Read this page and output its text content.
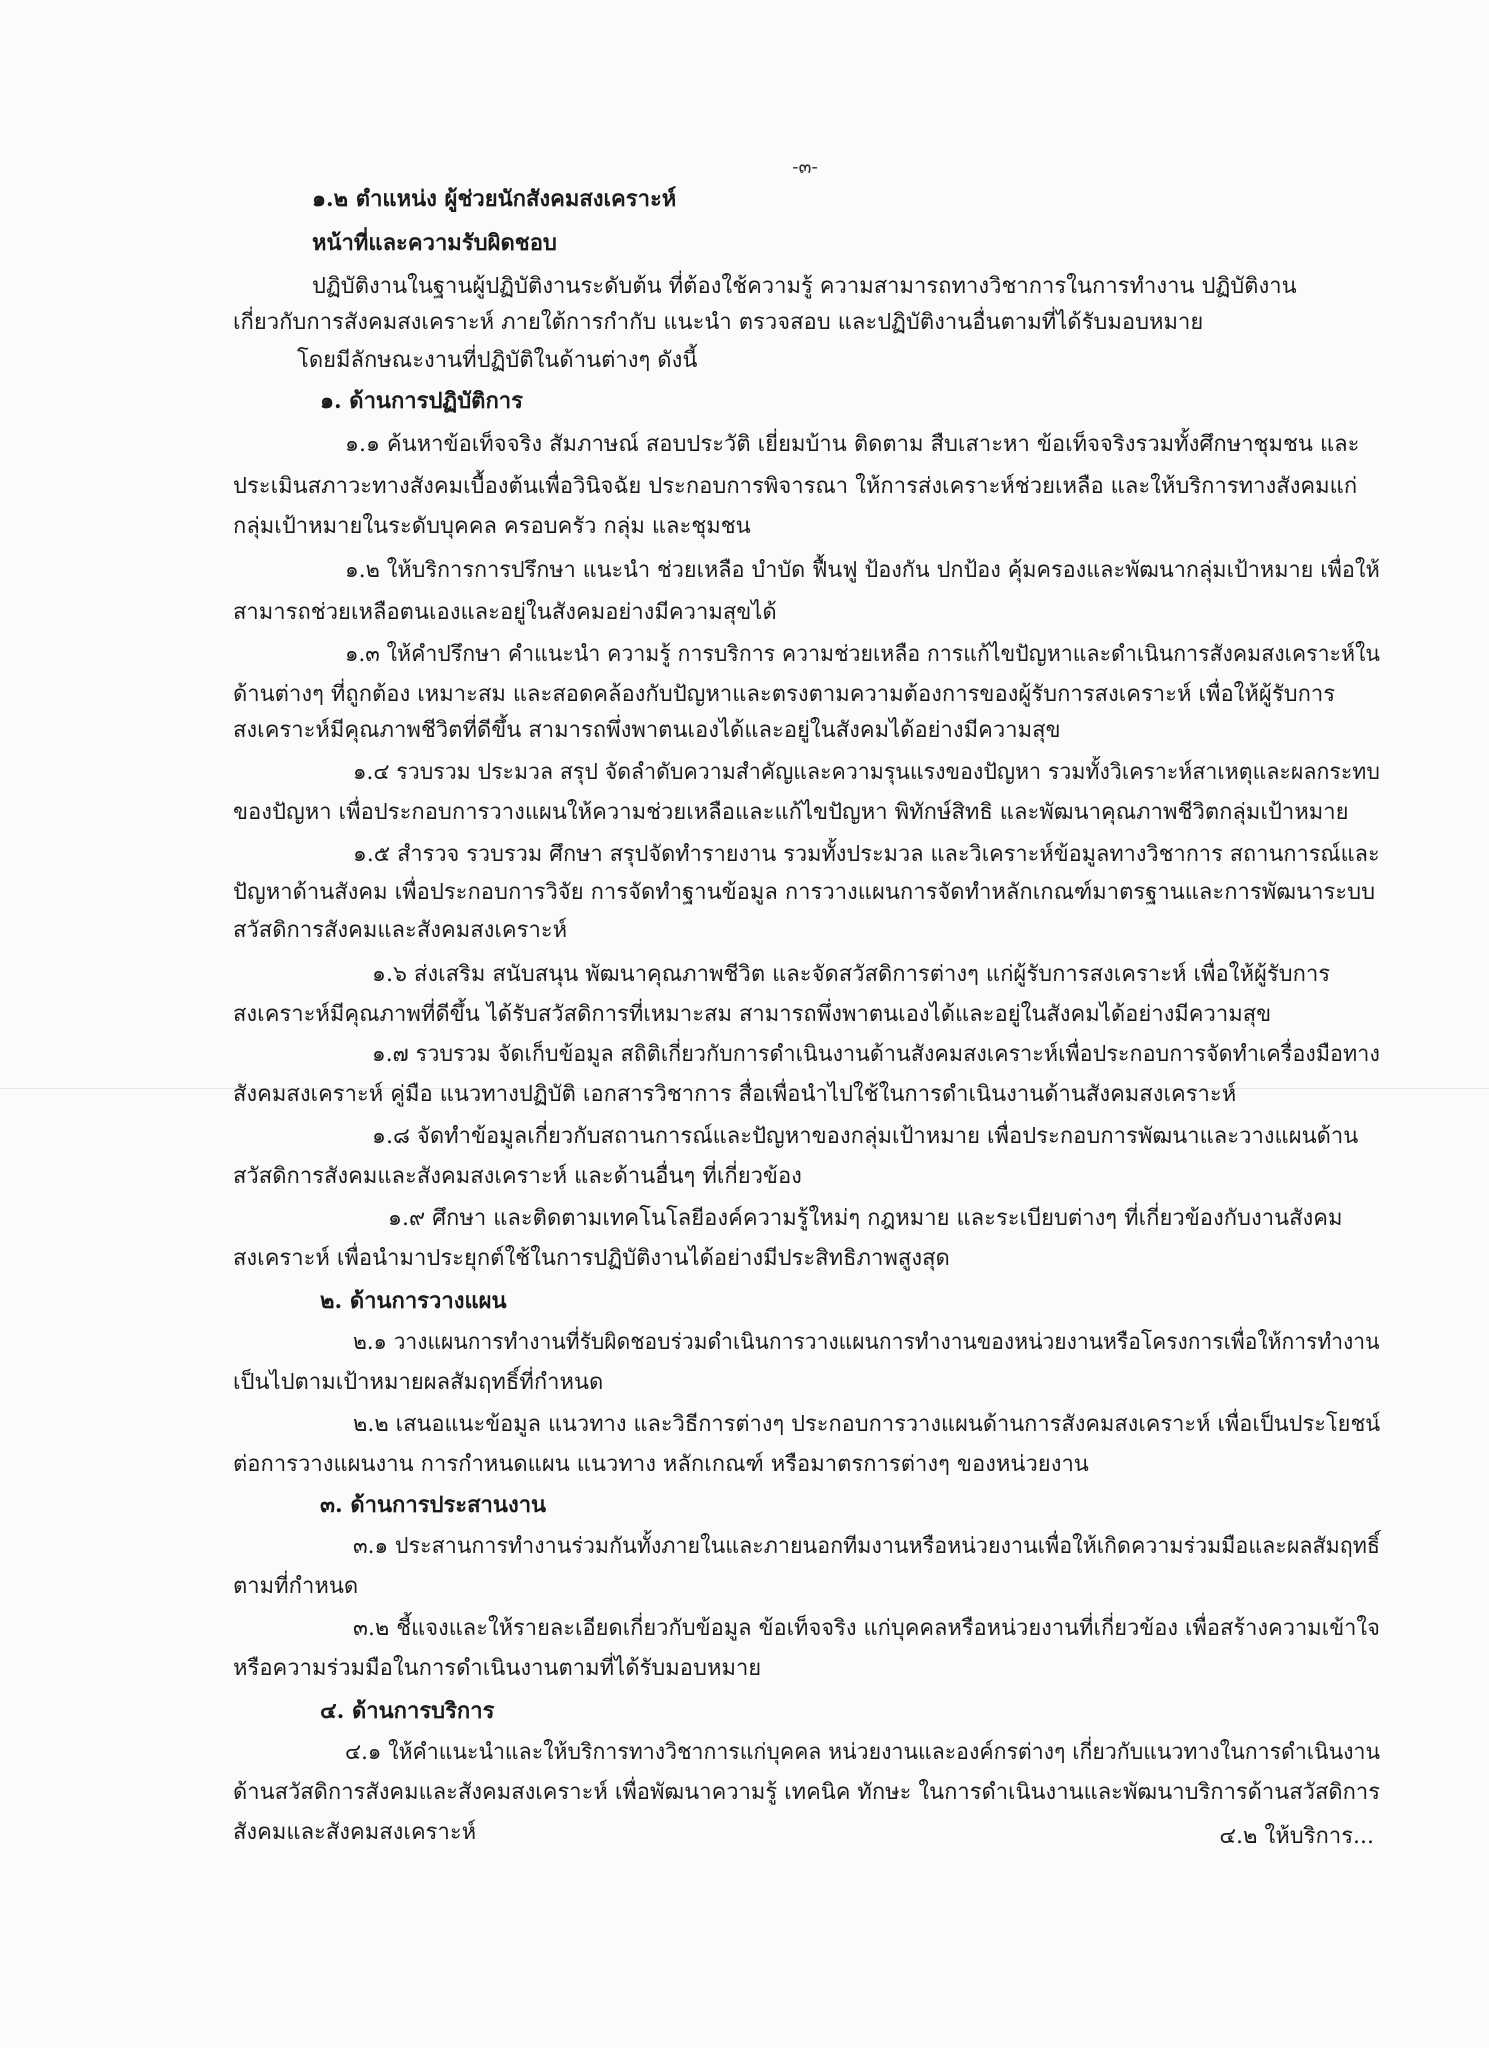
-๓-
๑.๒ ตำแหน่ง ผู้ช่วยนักสังคมสงเคราะห์
หน้าที่และความรับผิดชอบ
ปฏิบัติงานในฐานผู้ปฏิบัติงานระดับต้น ที่ต้องใช้ความรู้ ความสามารถทางวิชาการในการทำงาน ปฏิบัติงาน
เกี่ยวกับการสังคมสงเคราะห์ ภายใต้การกำกับ แนะนำ ตรวจสอบ และปฏิบัติงานอื่นตามที่ได้รับมอบหมาย
โดยมีลักษณะงานที่ปฏิบัติในด้านต่างๆ ดังนี้
๑. ด้านการปฏิบัติการ
๑.๑ ค้นหาข้อเท็จจริง สัมภาษณ์ สอบประวัติ เยี่ยมบ้าน ติดตาม สืบเสาะหา ข้อเท็จจริงรวมทั้งศึกษาชุมชน และ
ประเมินสภาวะทางสังคมเบื้องต้นเพื่อวินิจฉัย ประกอบการพิจารณา ให้การส่งเคราะห์ช่วยเหลือ และให้บริการทางสังคมแก่
กลุ่มเป้าหมายในระดับบุคคล ครอบครัว กลุ่ม และชุมชน
๑.๒ ให้บริการการปรึกษา แนะนำ ช่วยเหลือ บำบัด ฟื้นฟู ป้องกัน ปกป้อง คุ้มครองและพัฒนากลุ่มเป้าหมาย เพื่อให้
สามารถช่วยเหลือตนเองและอยู่ในสังคมอย่างมีความสุขได้
๑.๓ ให้คำปรึกษา คำแนะนำ ความรู้ การบริการ ความช่วยเหลือ การแก้ไขปัญหาและดำเนินการสังคมสงเคราะห์ใน
ด้านต่างๆ ที่ถูกต้อง เหมาะสม และสอดคล้องกับปัญหาและตรงตามความต้องการของผู้รับการสงเคราะห์ เพื่อให้ผู้รับการ
สงเคราะห์มีคุณภาพชีวิตที่ดีขึ้น สามารถพึ่งพาตนเองได้และอยู่ในสังคมได้อย่างมีความสุข
๑.๔ รวบรวม ประมวล สรุป จัดลำดับความสำคัญและความรุนแรงของปัญหา รวมทั้งวิเคราะห์สาเหตุและผลกระทบ
ของปัญหา เพื่อประกอบการวางแผนให้ความช่วยเหลือและแก้ไขปัญหา พิทักษ์สิทธิ และพัฒนาคุณภาพชีวิตกลุ่มเป้าหมาย
๑.๕ สำรวจ รวบรวม ศึกษา สรุปจัดทำรายงาน รวมทั้งประมวล และวิเคราะห์ข้อมูลทางวิชาการ สถานการณ์และ
ปัญหาด้านสังคม เพื่อประกอบการวิจัย การจัดทำฐานข้อมูล การวางแผนการจัดทำหลักเกณฑ์มาตรฐานและการพัฒนาระบบ
สวัสดิการสังคมและสังคมสงเคราะห์
๑.๖ ส่งเสริม สนับสนุน พัฒนาคุณภาพชีวิต และจัดสวัสดิการต่างๆ แก่ผู้รับการสงเคราะห์ เพื่อให้ผู้รับการ
สงเคราะห์มีคุณภาพที่ดีขึ้น ได้รับสวัสดิการที่เหมาะสม สามารถพึ่งพาตนเองได้และอยู่ในสังคมได้อย่างมีความสุข
๑.๗ รวบรวม จัดเก็บข้อมูล สถิติเกี่ยวกับการดำเนินงานด้านสังคมสงเคราะห์เพื่อประกอบการจัดทำเครื่องมือทาง
สังคมสงเคราะห์ คู่มือ แนวทางปฏิบัติ เอกสารวิชาการ สื่อเพื่อนำไปใช้ในการดำเนินงานด้านสังคมสงเคราะห์
๑.๘ จัดทำข้อมูลเกี่ยวกับสถานการณ์และปัญหาของกลุ่มเป้าหมาย เพื่อประกอบการพัฒนาและวางแผนด้าน
สวัสดิการสังคมและสังคมสงเคราะห์ และด้านอื่นๆ ที่เกี่ยวข้อง
๑.๙ ศึกษา และติดตามเทคโนโลยีองค์ความรู้ใหม่ๆ กฎหมาย และระเบียบต่างๆ ที่เกี่ยวข้องกับงานสังคม
สงเคราะห์ เพื่อนำมาประยุกต์ใช้ในการปฏิบัติงานได้อย่างมีประสิทธิภาพสูงสุด
๒. ด้านการวางแผน
๒.๑ วางแผนการทำงานที่รับผิดชอบร่วมดำเนินการวางแผนการทำงานของหน่วยงานหรือโครงการเพื่อให้การทำงาน
เป็นไปตามเป้าหมายผลสัมฤทธิ์ที่กำหนด
๒.๒ เสนอแนะข้อมูล แนวทาง และวิธีการต่างๆ ประกอบการวางแผนด้านการสังคมสงเคราะห์ เพื่อเป็นประโยชน์
ต่อการวางแผนงาน การกำหนดแผน แนวทาง หลักเกณฑ์ หรือมาตรการต่างๆ ของหน่วยงาน
๓. ด้านการประสานงาน
๓.๑ ประสานการทำงานร่วมกันทั้งภายในและภายนอกทีมงานหรือหน่วยงานเพื่อให้เกิดความร่วมมือและผลสัมฤทธิ์
ตามที่กำหนด
๓.๒ ชี้แจงและให้รายละเอียดเกี่ยวกับข้อมูล ข้อเท็จจริง แก่บุคคลหรือหน่วยงานที่เกี่ยวข้อง เพื่อสร้างความเข้าใจ
หรือความร่วมมือในการดำเนินงานตามที่ได้รับมอบหมาย
๔. ด้านการบริการ
๔.๑ ให้คำแนะนำและให้บริการทางวิชาการแก่บุคคล หน่วยงานและองค์กรต่างๆ เกี่ยวกับแนวทางในการดำเนินงาน
ด้านสวัสดิการสังคมและสังคมสงเคราะห์ เพื่อพัฒนาความรู้ เทคนิค ทักษะ ในการดำเนินงานและพัฒนาบริการด้านสวัสดิการ
สังคมและสังคมสงเคราะห์	๔.๒ ให้บริการ...
